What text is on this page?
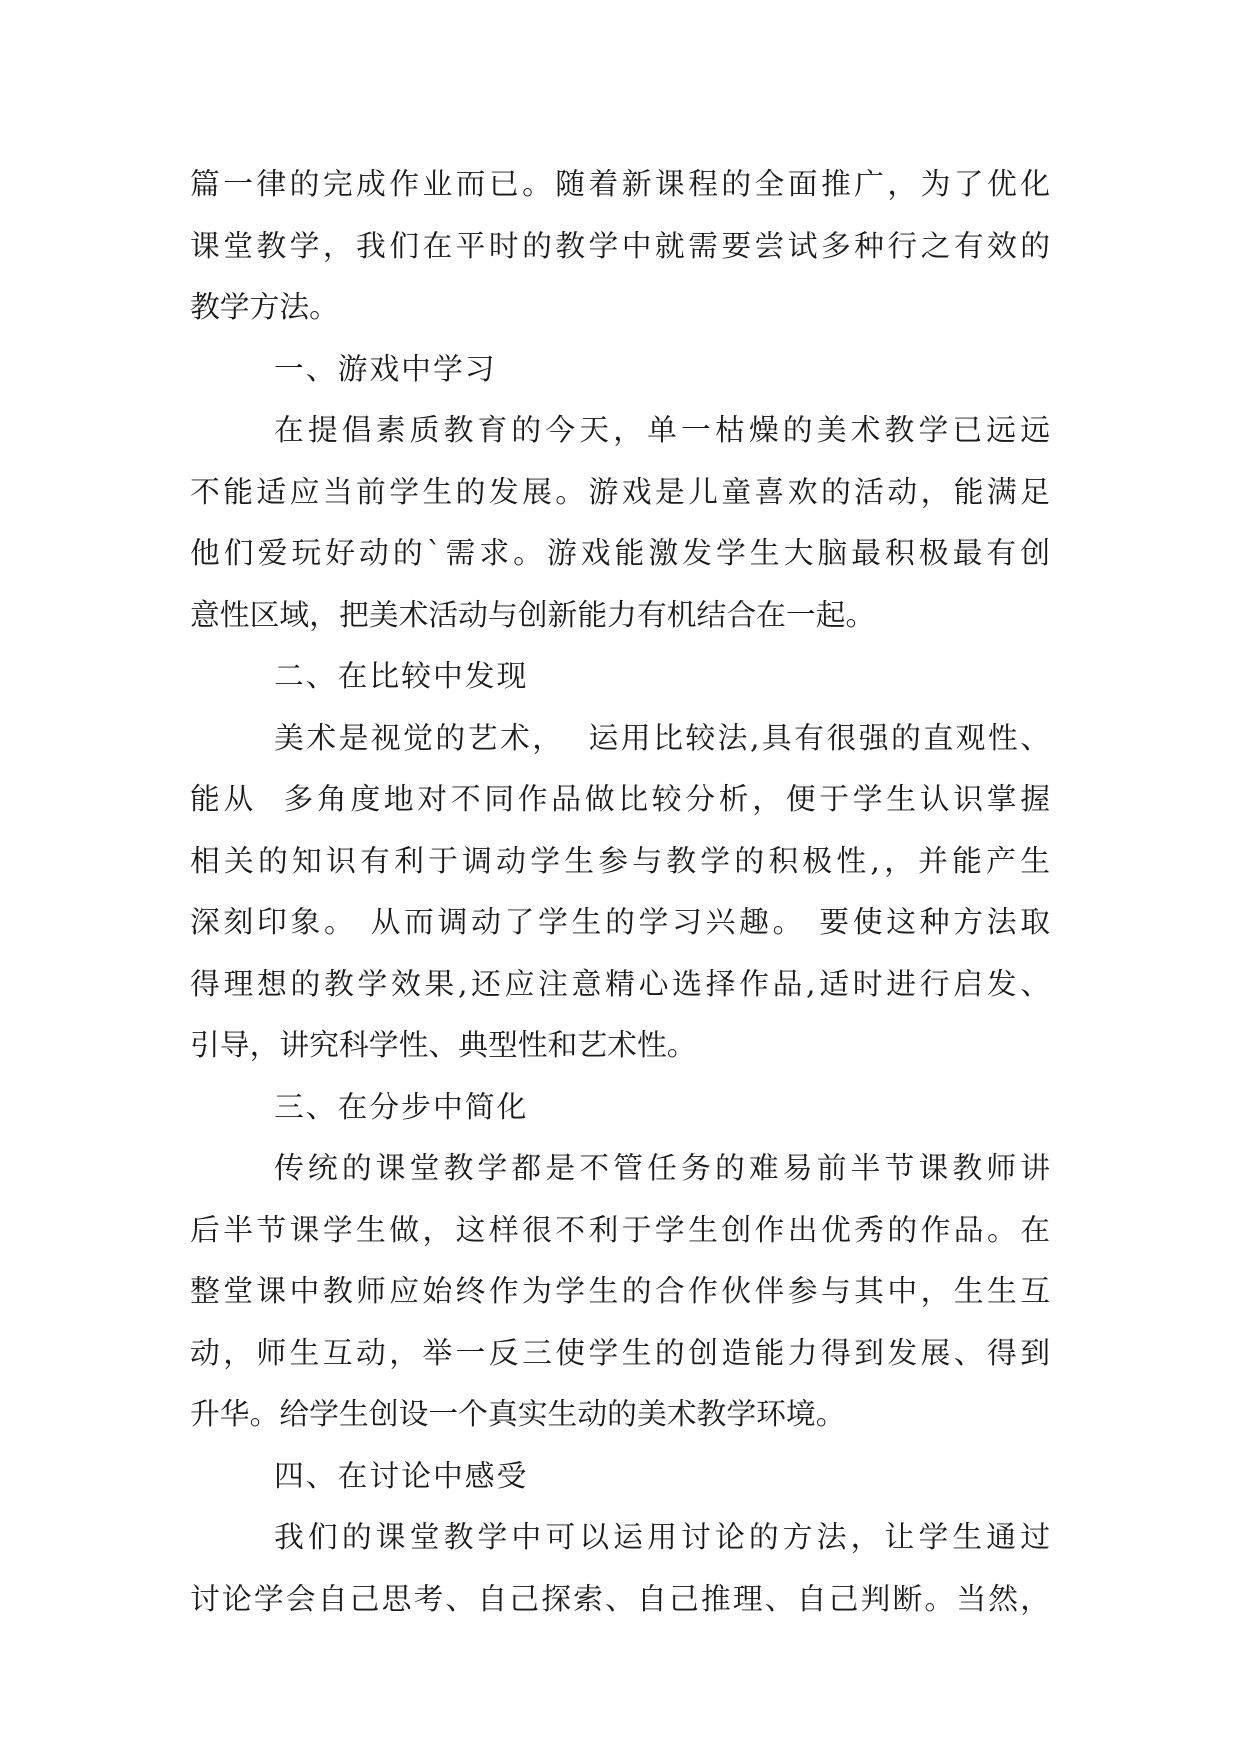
篇一律的完成作业而已。随着新课程的全面推广，为了优化
课堂教学，我们在平时的教学中就需要尝试多种行之有效的
教学方法。
一、游戏中学习
在提倡素质教育的今天，单一枯燥的美术教学已远远
不能适应当前学生的发展。游戏是儿童喜欢的活动，能满足
他们爱玩好动的`需求。游戏能激发学生大脑最积极最有创
意性区域，把美术活动与创新能力有机结合在一起。
二、在比较中发现
美术是视觉的艺术，  运用比较法,具有很强的直观性、
能从  多角度地对不同作品做比较分析，便于学生认识掌握
相关的知识有利于调动学生参与教学的积极性,，并能产生
深刻印象。 从而调动了学生的学习兴趣。 要使这种方法取
得理想的教学效果,还应注意精心选择作品,适时进行启发、
引导，讲究科学性、典型性和艺术性。
三、在分步中简化
传统的课堂教学都是不管任务的难易前半节课教师讲
后半节课学生做，这样很不利于学生创作出优秀的作品。在
整堂课中教师应始终作为学生的合作伙伴参与其中，生生互
动，师生互动，举一反三使学生的创造能力得到发展、得到
升华。给学生创设一个真实生动的美术教学环境。
四、在讨论中感受
我们的课堂教学中可以运用讨论的方法，让学生通过
讨论学会自己思考、自己探索、自己推理、自己判断。当然，
